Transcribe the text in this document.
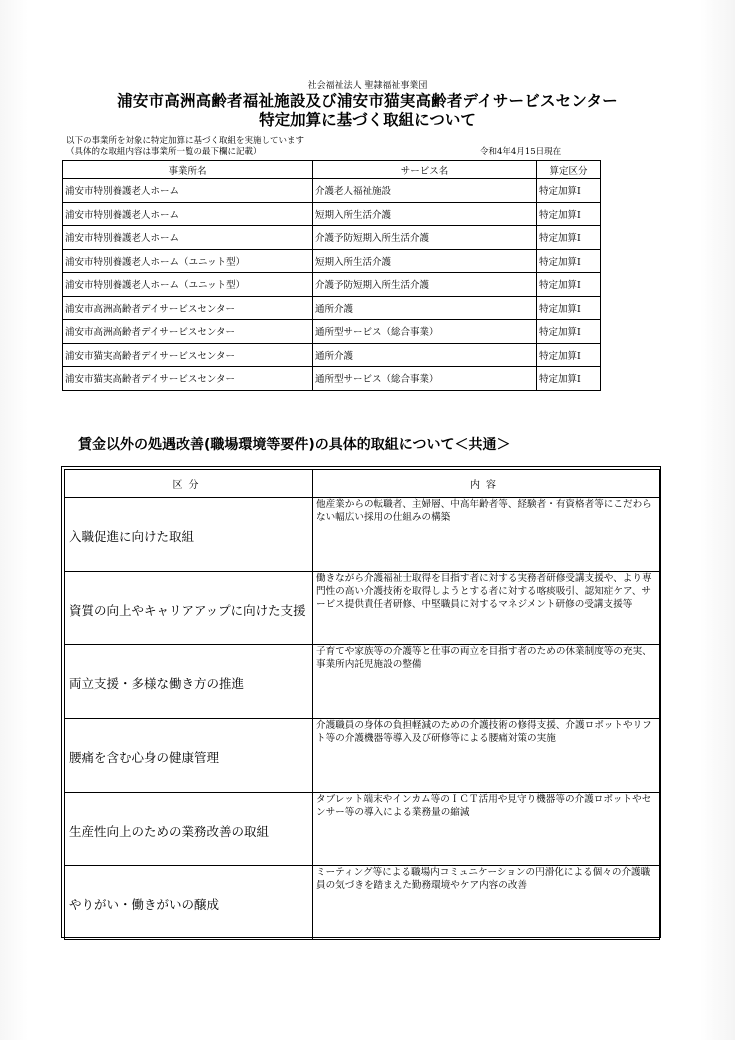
社会福祉法人 聖隷福祉事業団
浦安市高洲高齢者福祉施設及び浦安市猫実高齢者デイサービスセンター
特定加算に基づく取組について
以下の事業所を対象に特定加算に基づく取組を実施しています
（具体的な取組内容は事業所一覧の最下欄に記載）	令和4年4月15日現在
事業所名	サービス名	算定区分
浦安市特別養護老人ホーム	介護老人福祉施設	特定加算Ⅰ
浦安市特別養護老人ホーム	短期入所生活介護	特定加算Ⅰ
浦安市特別養護老人ホーム	介護予防短期入所生活介護	特定加算Ⅰ
浦安市特別養護老人ホーム（ユニット型）	短期入所生活介護	特定加算Ⅰ
浦安市特別養護老人ホーム（ユニット型）	介護予防短期入所生活介護	特定加算Ⅰ
浦安市高洲高齢者デイサービスセンター	通所介護	特定加算Ⅰ
浦安市高洲高齢者デイサービスセンター	通所型サービス（総合事業）	特定加算Ⅰ
浦安市猫実高齢者デイサービスセンター	通所介護	特定加算Ⅰ
浦安市猫実高齢者デイサービスセンター	通所型サービス（総合事業）	特定加算Ⅰ
賃金以外の処遇改善(職場環境等要件)の具体的取組について＜共通＞
区分	内容

入職促進に向けた取組	他産業からの転職者、主婦層、中高年齢者等、経験者・有資格者等にこだわらない幅広い採用の仕組みの構築

資質の向上やキャリアアップに向けた支援	働きながら介護福祉士取得を目指す者に対する実務者研修受講支援や、より専門性の高い介護技術を取得しようとする者に対する喀痰吸引、認知症ケア、サービス提供責任者研修、中堅職員に対するマネジメント研修の受講支援等

両立支援・多様な働き方の推進	子育てや家族等の介護等と仕事の両立を目指す者のための休業制度等の充実、事業所内託児施設の整備

腰痛を含む心身の健康管理	介護職員の身体の負担軽減のための介護技術の修得支援、介護ロボットやリフト等の介護機器等導入及び研修等による腰痛対策の実施

生産性向上のための業務改善の取組	タブレット端末やインカム等のＩＣＴ活用や見守り機器等の介護ロボットやセンサー等の導入による業務量の縮減

やりがい・働きがいの醸成	ミーティング等による職場内コミュニケーションの円滑化による個々の介護職員の気づきを踏まえた勤務環境やケア内容の改善
